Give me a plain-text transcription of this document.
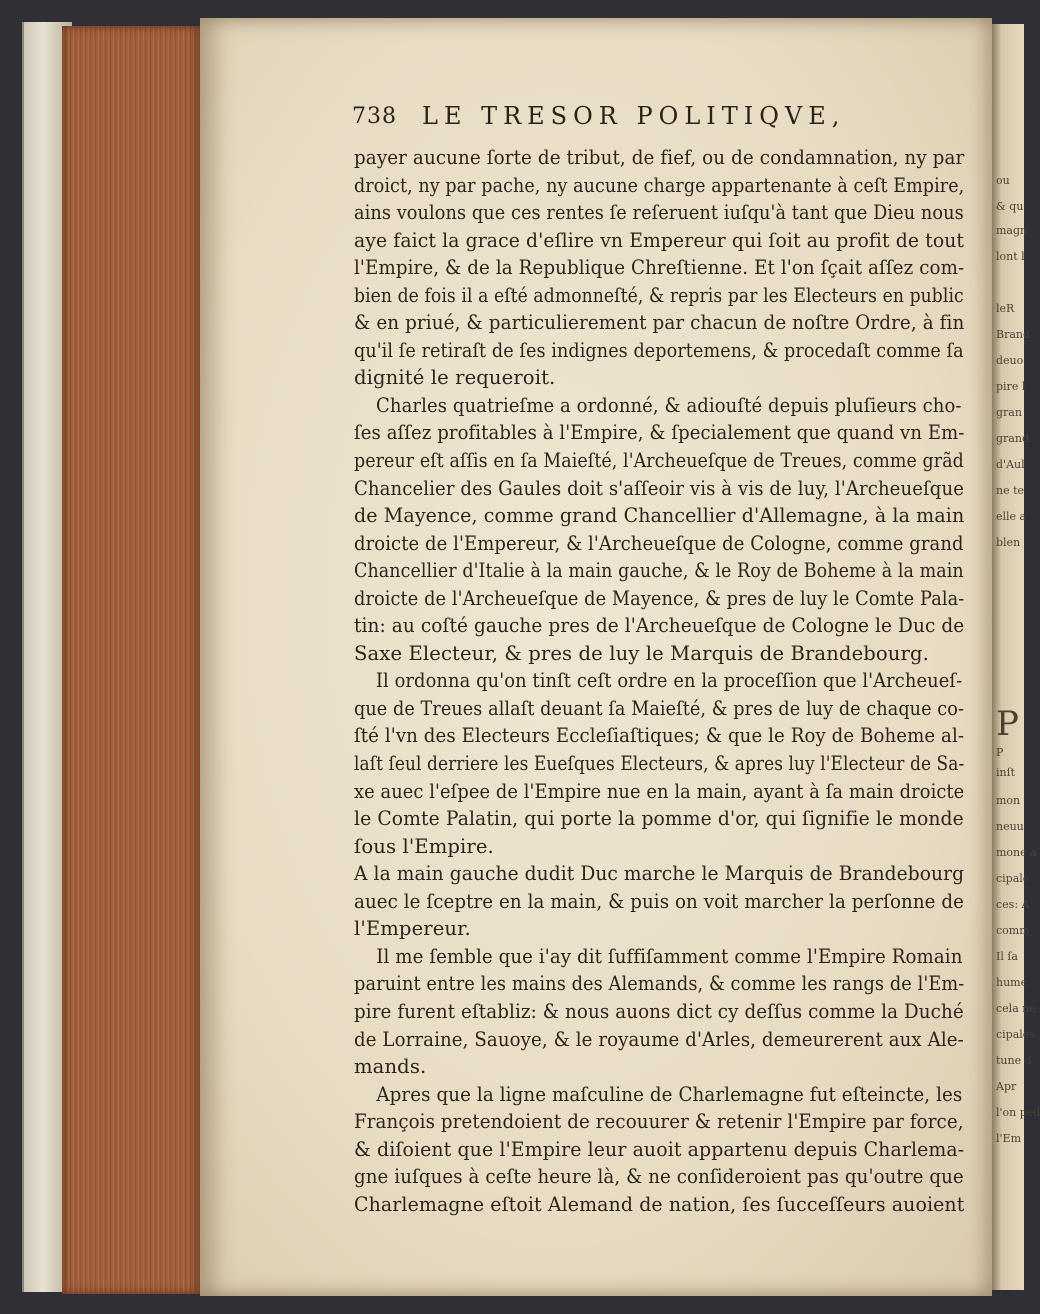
ou
& qu
magn
lont l
leR
Brand
deuo
pire l
gran
grand
d'Aul
ne te
elle a
blen
P
P
inſt
mon
neuu
mone a
cipale
ces: A
comm
Il ſa
hume
cela ne
cipales
tune d
Apr
l'on ped
l'Em
738 LE TRESOR POLITIQVE,
payer aucune ſorte de tribut, de fief, ou de condamnation, ny par
droict, ny par pache, ny aucune charge appartenante à ceſt Empire,
ains voulons que ces rentes ſe reſeruent iuſqu'à tant que Dieu nous
aye faict la grace d'eſlire vn Empereur qui ſoit au profit de tout
l'Empire, & de la Republique Chreſtienne. Et l'on ſçait aſſez com-
bien de fois il a eſté admonneſté, & repris par les Electeurs en public
& en priué, & particulierement par chacun de noſtre Ordre, à fin
qu'il ſe retiraſt de ſes indignes deportemens, & procedaſt comme ſa
dignité le requeroit.
Charles quatrieſme a ordonné, & adiouſté depuis pluſieurs cho-
ſes aſſez profitables à l'Empire, & ſpecialement que quand vn Em-
pereur eſt aſſis en ſa Maieſté, l'Archeueſque de Treues, comme grãd
Chancelier des Gaules doit s'aſſeoir vis à vis de luy, l'Archeueſque
de Mayence, comme grand Chancellier d'Allemagne, à la main
droicte de l'Empereur, & l'Archeueſque de Cologne, comme grand
Chancellier d'Italie à la main gauche, & le Roy de Boheme à la main
droicte de l'Archeueſque de Mayence, & pres de luy le Comte Pala-
tin: au coſté gauche pres de l'Archeueſque de Cologne le Duc de
Saxe Electeur, & pres de luy le Marquis de Brandebourg.
Il ordonna qu'on tinſt ceſt ordre en la proceſſion que l'Archeueſ-
que de Treues allaſt deuant ſa Maieſté, & pres de luy de chaque co-
ſté l'vn des Electeurs Eccleſiaſtiques; & que le Roy de Boheme al-
laſt ſeul derriere les Eueſques Electeurs, & apres luy l'Electeur de Sa-
xe auec l'eſpee de l'Empire nue en la main, ayant à ſa main droicte
le Comte Palatin, qui porte la pomme d'or, qui ſignifie le monde
ſous l'Empire.
A la main gauche dudit Duc marche le Marquis de Brandebourg
auec le ſceptre en la main, & puis on voit marcher la perſonne de
l'Empereur.
Il me ſemble que i'ay dit ſuffiſamment comme l'Empire Romain
paruint entre les mains des Alemands, & comme les rangs de l'Em-
pire furent eſtabliz: & nous auons dict cy deſſus comme la Duché
de Lorraine, Sauoye, & le royaume d'Arles, demeurerent aux Ale-
mands.
Apres que la ligne maſculine de Charlemagne fut eſteincte, les
François pretendoient de recouurer & retenir l'Empire par force,
& diſoient que l'Empire leur auoit appartenu depuis Charlema-
gne iuſques à ceſte heure là, & ne conſideroient pas qu'outre que
Charlemagne eſtoit Alemand de nation, ſes ſucceſſeurs auoient
